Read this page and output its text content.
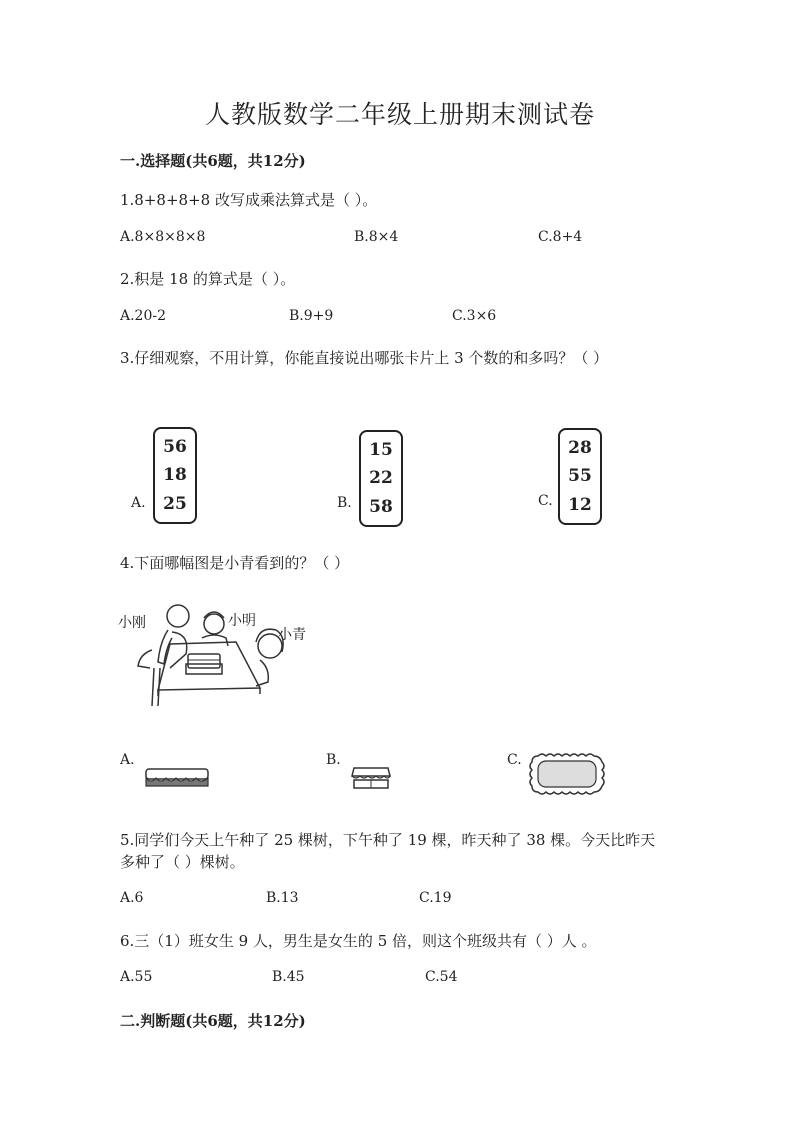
人教版数学二年级上册期末测试卷
一.选择题(共6题，共12分)
1.8+8+8+8 改写成乘法算式是（ ）。
A.8×8×8×8	B.8×4	C.8+4
2.积是 18 的算式是（ ）。
A.20-2	B.9+9	C.3×6
3.仔细观察，不用计算，你能直接说出哪张卡片上 3 个数的和多吗？（ ）
A.
56
18
25	B.
15
22
58	C.
28
55
12
4.下面哪幅图是小青看到的？（ ）
小刚	小明
小青
A.	B.	C.
5.同学们今天上午种了 25 棵树，下午种了 19 棵，昨天种了 38 棵。今天比昨天
多种了（ ）棵树。
A.6	B.13	C.19
6.三（1）班女生 9 人，男生是女生的 5 倍，则这个班级共有（ ）人 。
A.55	B.45	C.54
二.判断题(共6题，共12分)
